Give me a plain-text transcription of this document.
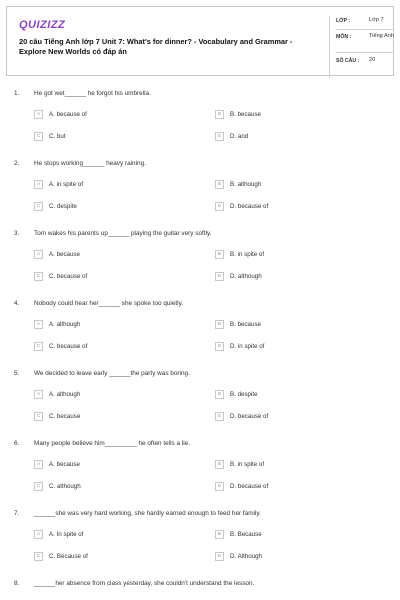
QUIZIZZ
20 câu Tiếng Anh lớp 7 Unit 7: What's for dinner? - Vocabulary and Grammar - Explore New Worlds có đáp án
LỚP :	Lớp 7
MÔN :	Tiếng Anh
SỐ CÂU : 20
1. He got wet______ he forgot his umbrella.
A	A. because of	B	B. because
C	C. but	D	D. and
2. He stops working______ heavy raining.
A	A. in spite of	B	B. although
C	C. despite	D	D. because of
3. Tom wakes his parents up______ playing the guitar very softly.
A	A. because	B	B. in spite of
C	C. because of	D	D. although
4. Nobody could hear her______ she spoke too quietly.
A	A. although	B	B. because
C	C. because of	D	D. in spite of
5. We decided to leave early ______the party was boring.
A	A. although	B	B. despite
C	C. because	D	D. because of
6. Many people believe him_________ he often tells a lie.
A	A. because	B	B. in spite of
C	C. although	D	D. because of
7. ______she was very hard working, she hardly earned enough to feed her family.
A	A. In spite of	B	B. Because
C	C. Because of	D	D. Although
8. ______her absence from class yesterday, she couldn't understand the lesson.
